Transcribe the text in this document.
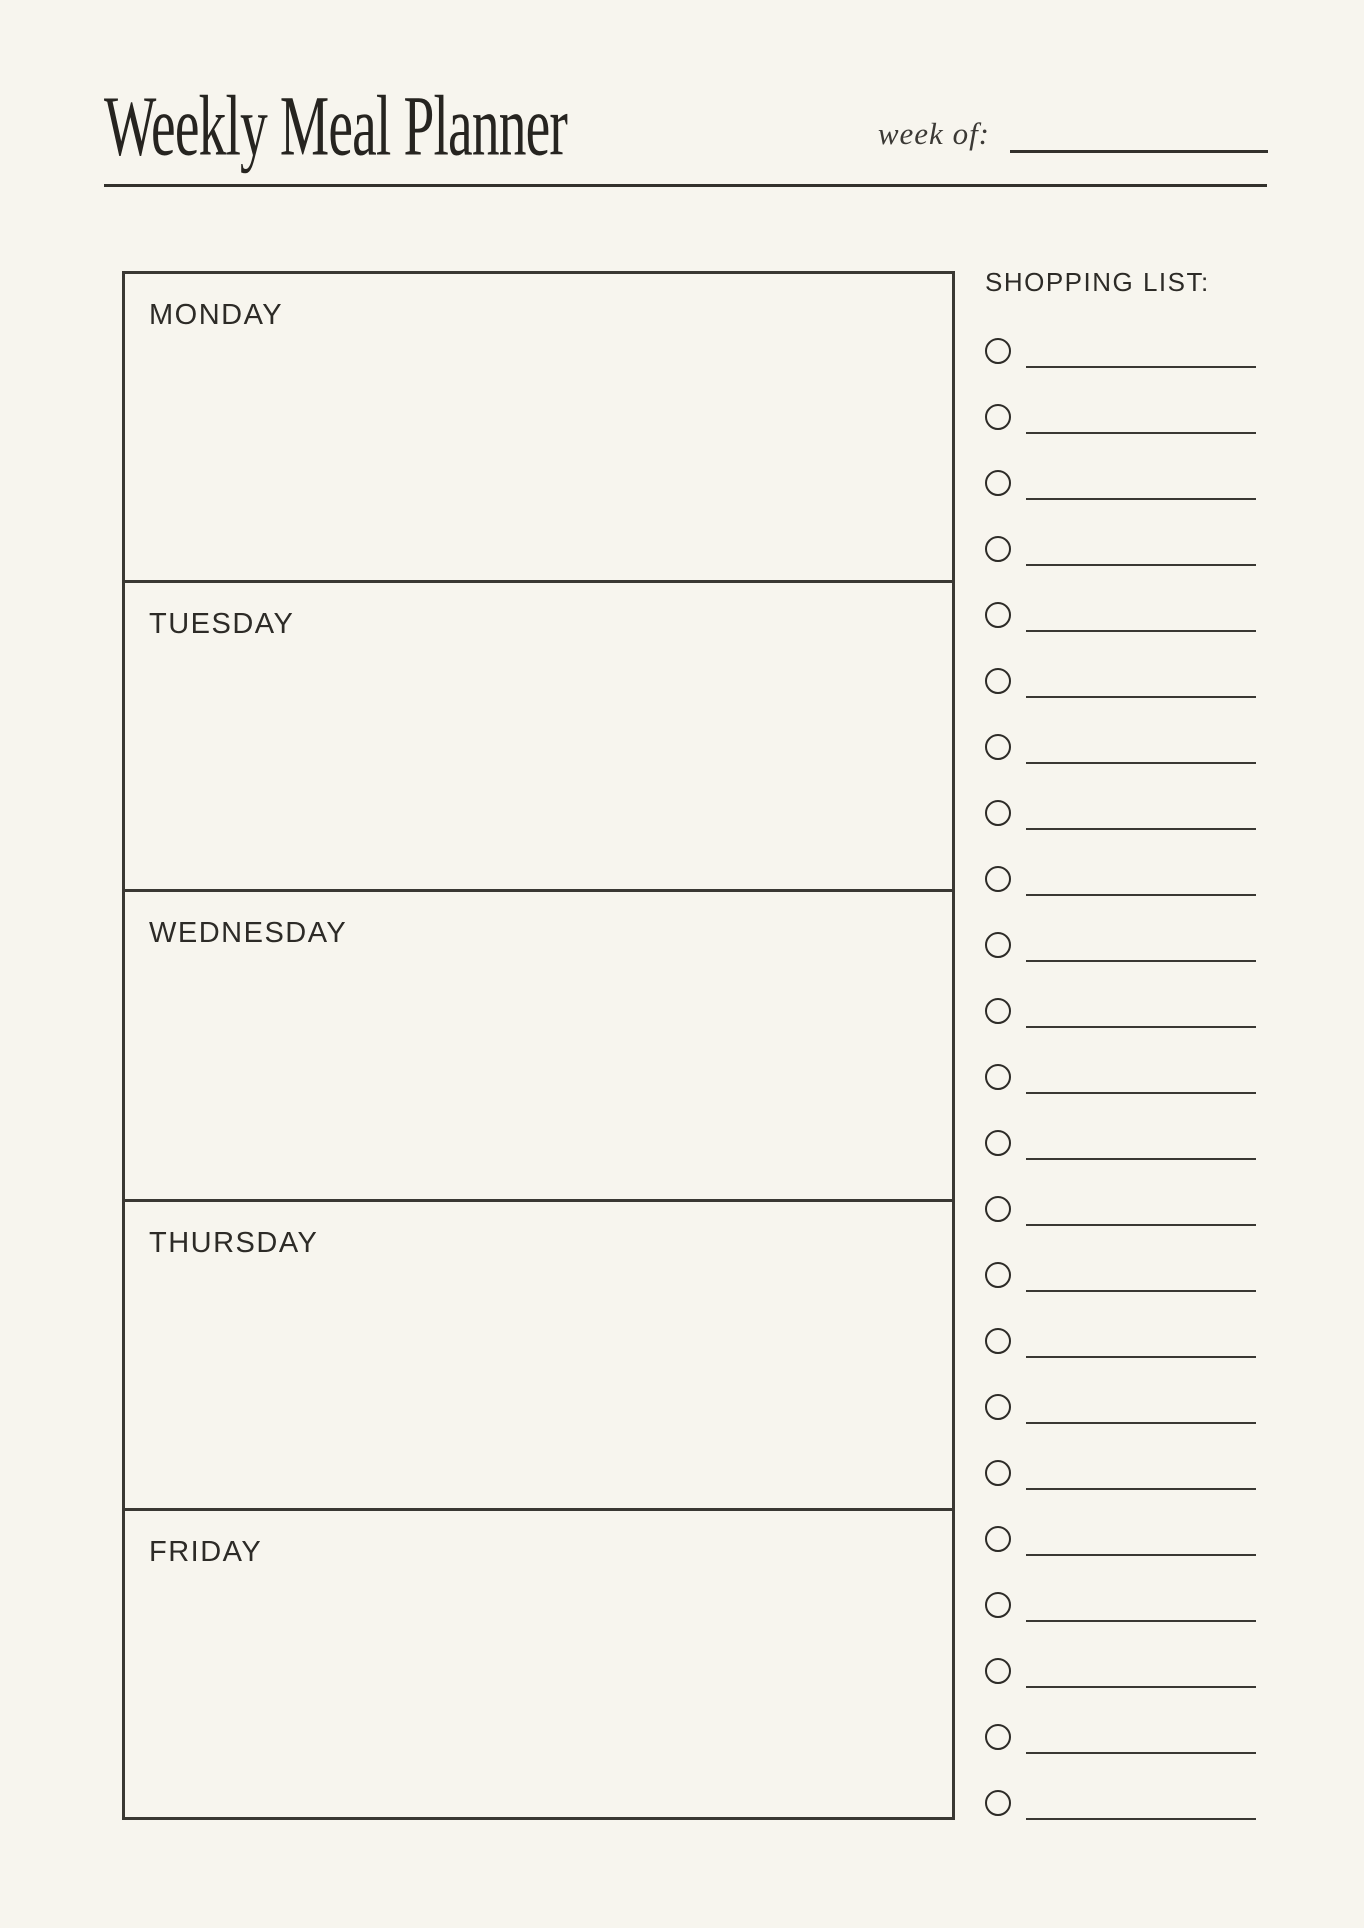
Weekly Meal Planner	week of:
MONDAY
TUESDAY
WEDNESDAY
THURSDAY
FRIDAY
SHOPPING LIST:
